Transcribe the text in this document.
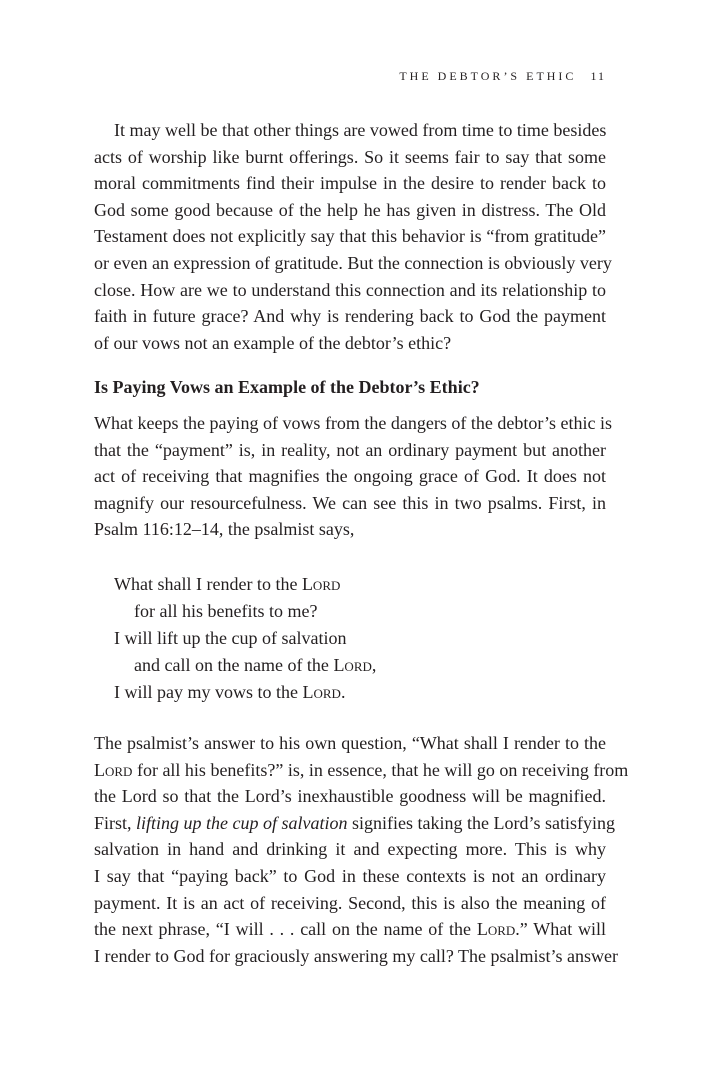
THE DEBTOR’S ETHIC 11
It may well be that other things are vowed from time to time besides
acts of worship like burnt offerings. So it seems fair to say that some
moral commitments find their impulse in the desire to render back to
God some good because of the help he has given in distress. The Old
Testament does not explicitly say that this behavior is “from gratitude”
or even an expression of gratitude. But the connection is obviously very
close. How are we to understand this connection and its relationship to
faith in future grace? And why is rendering back to God the payment
of our vows not an example of the debtor’s ethic?
Is Paying Vows an Example of the Debtor’s Ethic?
What keeps the paying of vows from the dangers of the debtor’s ethic is
that the “payment” is, in reality, not an ordinary payment but another
act of receiving that magnifies the ongoing grace of God. It does not
magnify our resourcefulness. We can see this in two psalms. First, in
Psalm 116:12–14, the psalmist says,
What shall I render to the Lord
for all his benefits to me?
I will lift up the cup of salvation
and call on the name of the Lord,
I will pay my vows to the Lord.
The psalmist’s answer to his own question, “What shall I render to the
Lord for all his benefits?” is, in essence, that he will go on receiving from
the Lord so that the Lord’s inexhaustible goodness will be magnified.
First, lifting up the cup of salvation signifies taking the Lord’s satisfying
salvation in hand and drinking it and expecting more. This is why
I say that “paying back” to God in these contexts is not an ordinary
payment. It is an act of receiving. Second, this is also the meaning of
the next phrase, “I will . . . call on the name of the Lord.” What will
I render to God for graciously answering my call? The psalmist’s answer
